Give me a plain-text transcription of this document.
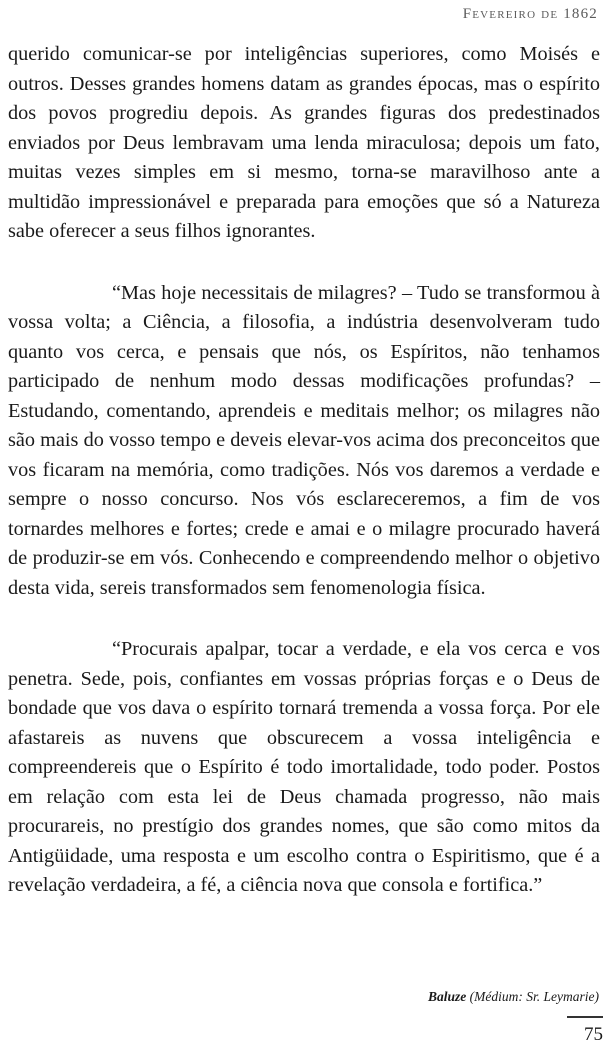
Fevereiro de 1862

querido comunicar-se por inteligências superiores, como Moisés e outros. Desses grandes homens datam as grandes épocas, mas o espírito dos povos progrediu depois. As grandes figuras dos predestinados enviados por Deus lembravam uma lenda miraculosa; depois um fato, muitas vezes simples em si mesmo, torna-se maravilhoso ante a multidão impressionável e preparada para emoções que só a Natureza sabe oferecer a seus filhos ignorantes.

“Mas hoje necessitais de milagres? – Tudo se transformou à vossa volta; a Ciência, a filosofia, a indústria desenvolveram tudo quanto vos cerca, e pensais que nós, os Espíritos, não tenhamos participado de nenhum modo dessas modificações profundas? – Estudando, comentando, aprendeis e meditais melhor; os milagres não são mais do vosso tempo e deveis elevar-vos acima dos preconceitos que vos ficaram na memória, como tradições. Nós vos daremos a verdade e sempre o nosso concurso. Nos vós esclareceremos, a fim de vos tornardes melhores e fortes; crede e amai e o milagre procurado haverá de produzir-se em vós. Conhecendo e compreendendo melhor o objetivo desta vida, sereis transformados sem fenomenologia física.

“Procurais apalpar, tocar a verdade, e ela vos cerca e vos penetra. Sede, pois, confiantes em vossas próprias forças e o Deus de bondade que vos dava o espírito tornará tremenda a vossa força. Por ele afastareis as nuvens que obscurecem a vossa inteligência e compreendereis que o Espírito é todo imortalidade, todo poder. Postos em relação com esta lei de Deus chamada progresso, não mais procurareis, no prestígio dos grandes nomes, que são como mitos da Antigüidade, uma resposta e um escolho contra o Espiritismo, que é a revelação verdadeira, a fé, a ciência nova que consola e fortifica.”

Baluze (Médium: Sr. Leymarie)
75
